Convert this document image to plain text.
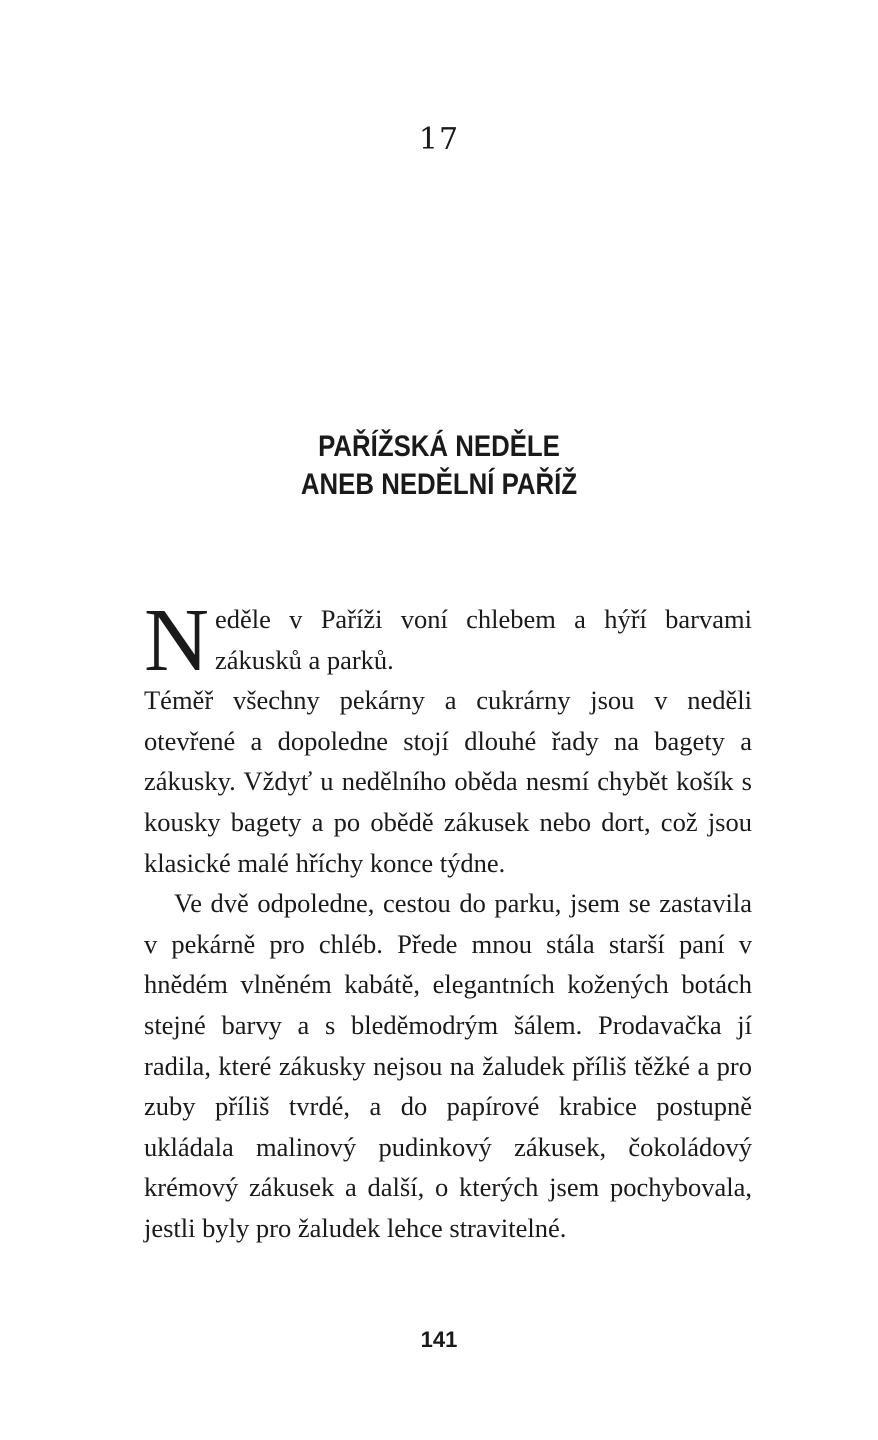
17
PAŘÍŽSKÁ NEDĚLE
ANEB NEDĚLNÍ PAŘÍŽ

Neděle v Paříži voní chlebem a hýří barvami zákusků a parků.

Téměř všechny pekárny a cukrárny jsou v neděli otevřené a dopoledne stojí dlouhé řady na bagety a zákusky. Vždyť u nedělního oběda nesmí chybět košík s kousky bagety a po obědě zákusek nebo dort, což jsou klasické malé hříchy konce týdne.

Ve dvě odpoledne, cestou do parku, jsem se zastavila v pekárně pro chléb. Přede mnou stála starší paní v hnědém vlněném kabátě, elegantních kožených botách stejné barvy a s bleděmodrým šálem. Prodavačka jí radila, které zákusky nejsou na žaludek příliš těžké a pro zuby příliš tvrdé, a do papírové krabice postupně ukládala malinový pudinkový zákusek, čokoládový krémový zákusek a další, o kterých jsem pochybovala, jestli byly pro žaludek lehce stravitelné.

141
